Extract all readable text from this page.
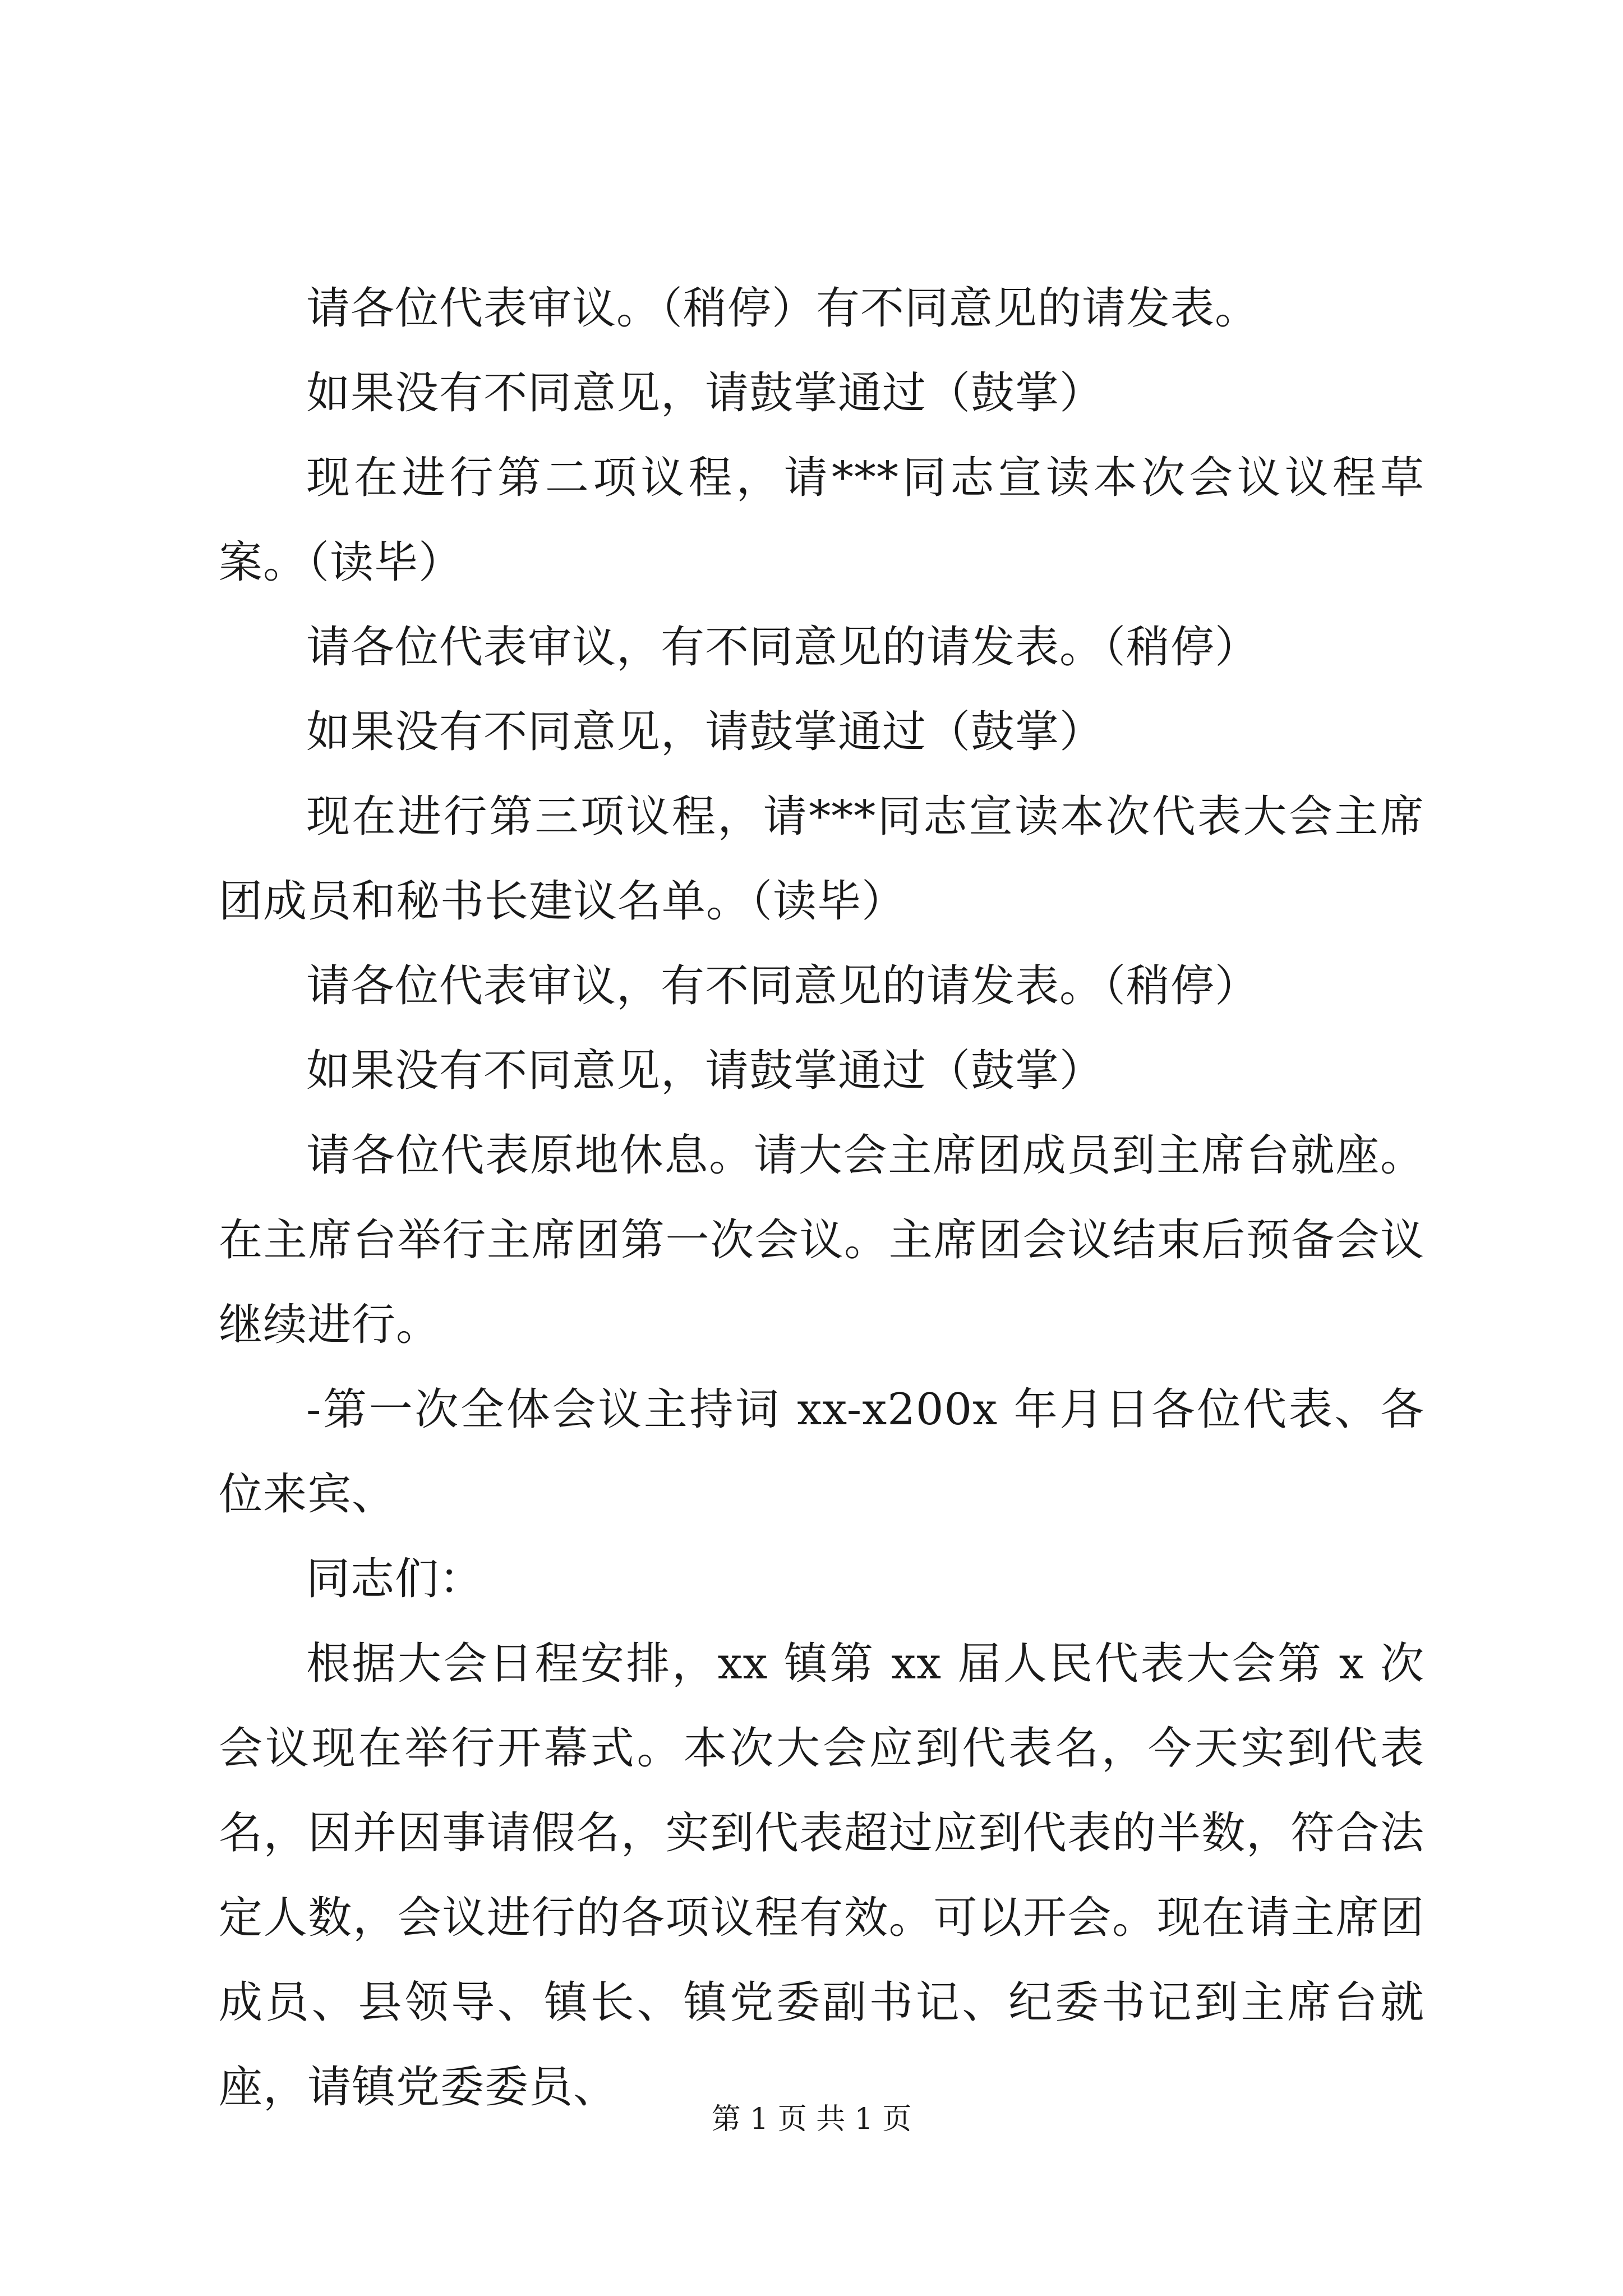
请各位代表审议。（稍停）有不同意见的请发表。

如果没有不同意见，请鼓掌通过（鼓掌）

现在进行第二项议程，请***同志宣读本次会议议程草案。（读毕）

请各位代表审议，有不同意见的请发表。（稍停）

如果没有不同意见，请鼓掌通过（鼓掌）

现在进行第三项议程，请***同志宣读本次代表大会主席团成员和秘书长建议名单。（读毕）

请各位代表审议，有不同意见的请发表。（稍停）

如果没有不同意见，请鼓掌通过（鼓掌）

请各位代表原地休息。请大会主席团成员到主席台就座。在主席台举行主席团第一次会议。主席团会议结束后预备会议继续进行。

-第一次全体会议主持词 xx-x200x 年月日各位代表、各位来宾、

同志们：

根据大会日程安排，xx 镇第 xx 届人民代表大会第 x 次会议现在举行开幕式。本次大会应到代表名，今天实到代表名，因并因事请假名，实到代表超过应到代表的半数，符合法定人数，会议进行的各项议程有效。可以开会。现在请主席团成员、县领导、镇长、镇党委副书记、纪委书记到主席台就座，请镇党委委员、

第 1 页 共 1 页
